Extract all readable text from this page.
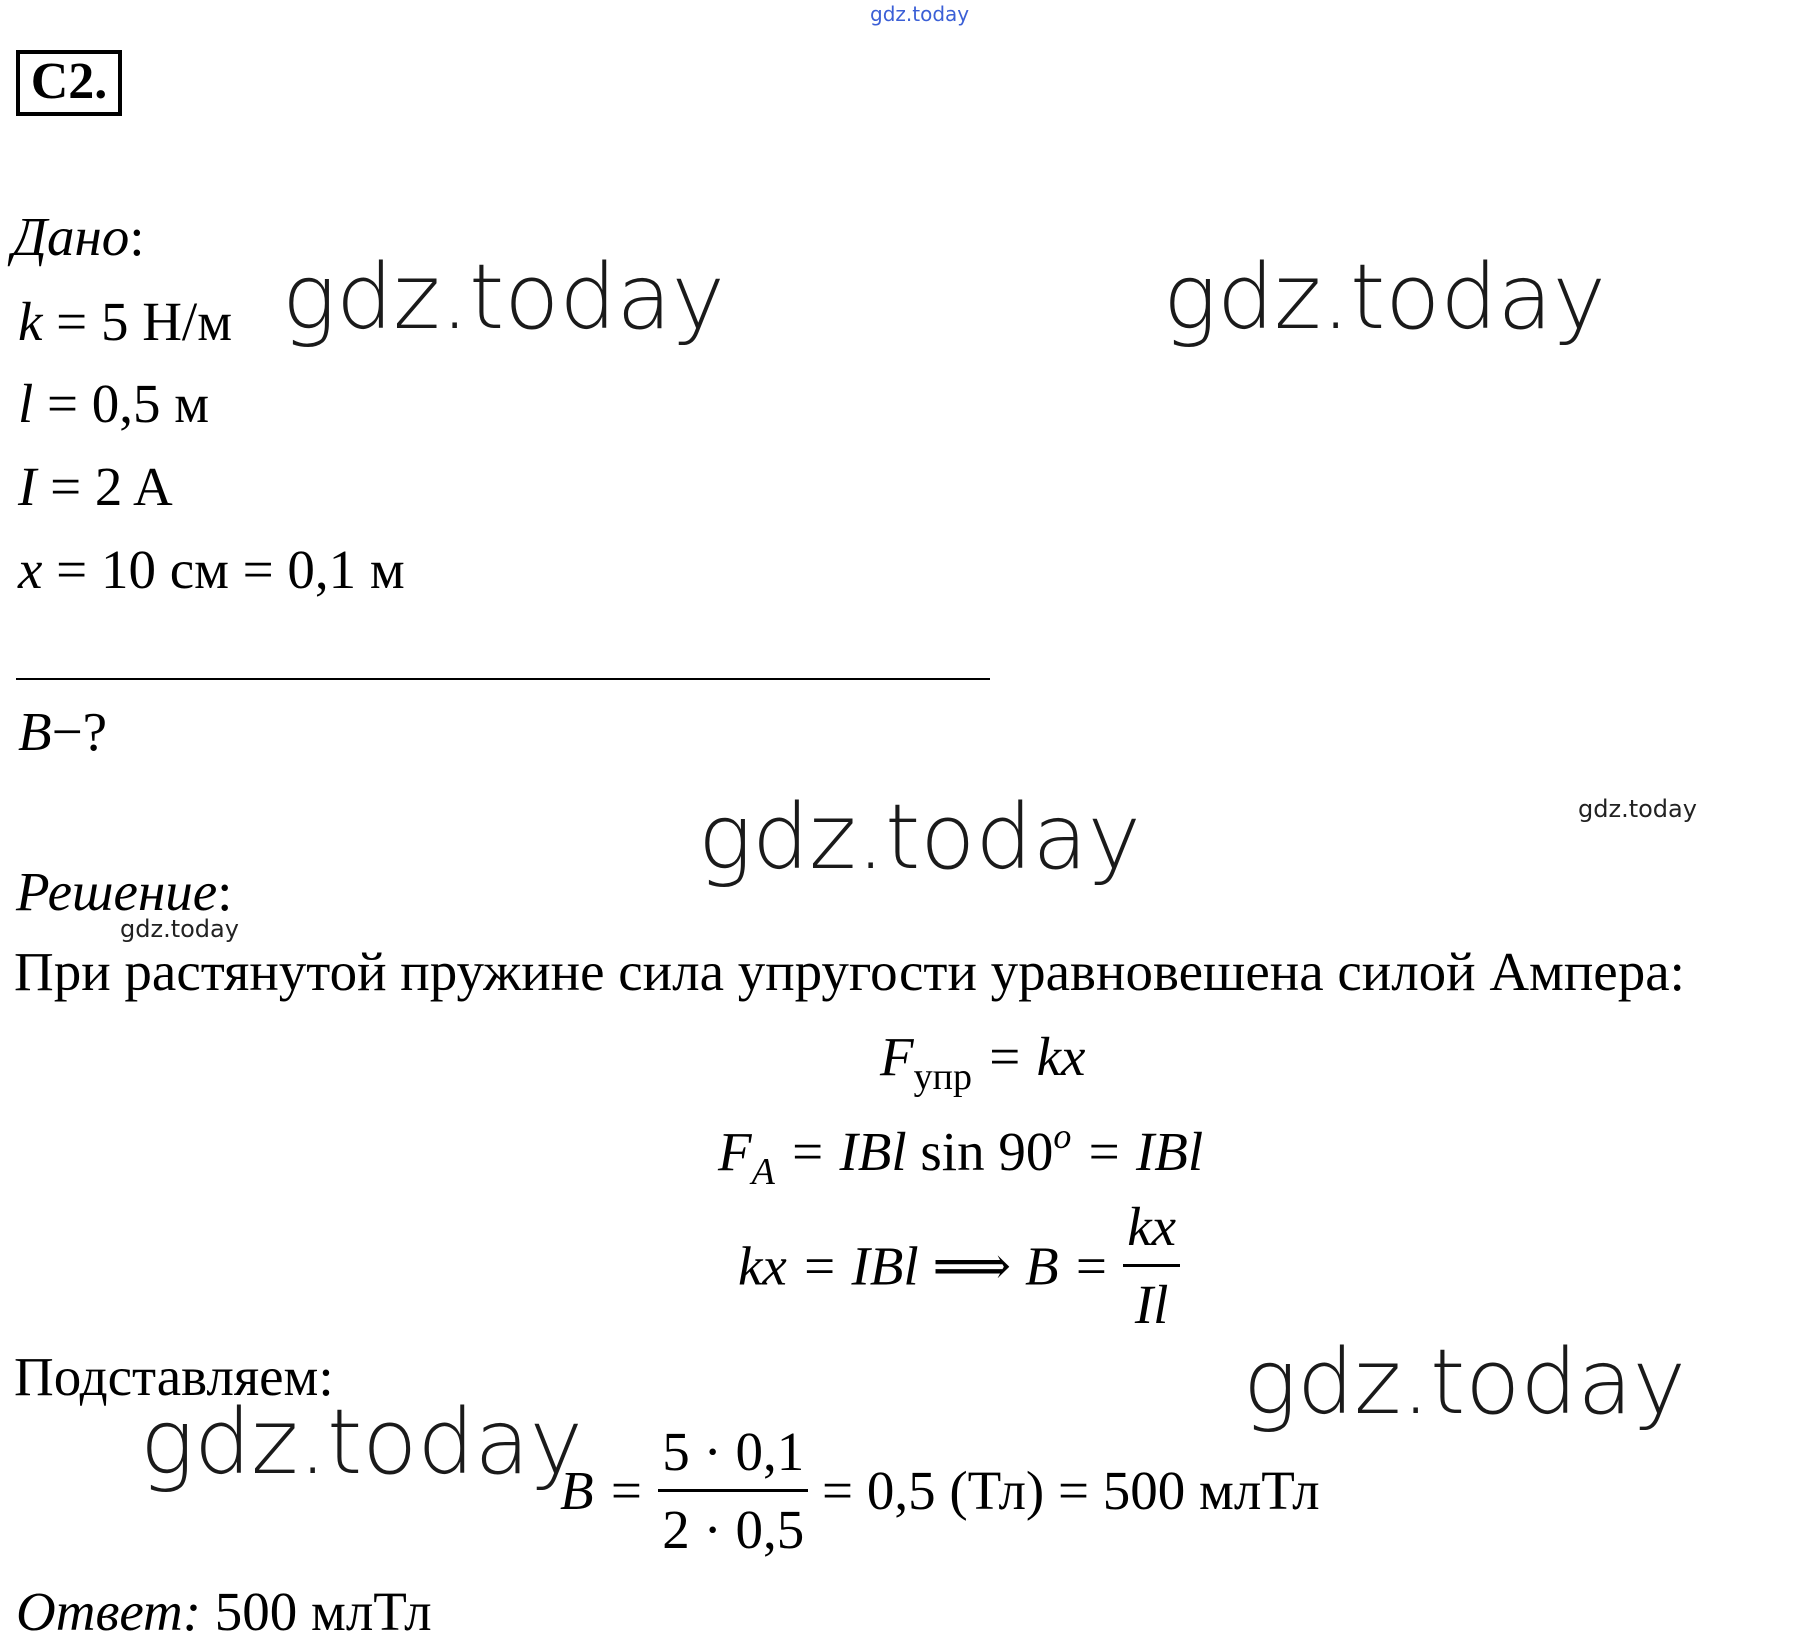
gdz.today
C2.
Дано:
k = 5 Н/м
l = 0,5 м
I = 2 A
x = 10 см = 0,1 м
B−?
Решение:
При растянутой пружине сила упругости уравновешена силой Ампера:
$F_{упр}$ = kx
$F_A$ = IBl $\sin 90^o$ = IBl
kx = IBl ⟹ $B = \frac{kx}{Il}$
Подставляем:
$B = \frac{5 \cdot 0,1}{2 \cdot 0,5} = 0,5$ (Тл) = 500 млТл
Ответ: 500 млТл
gdz.today	gdz.today
gdz.today	gdz.today
gdz.today
gdz.today
gdz.today
